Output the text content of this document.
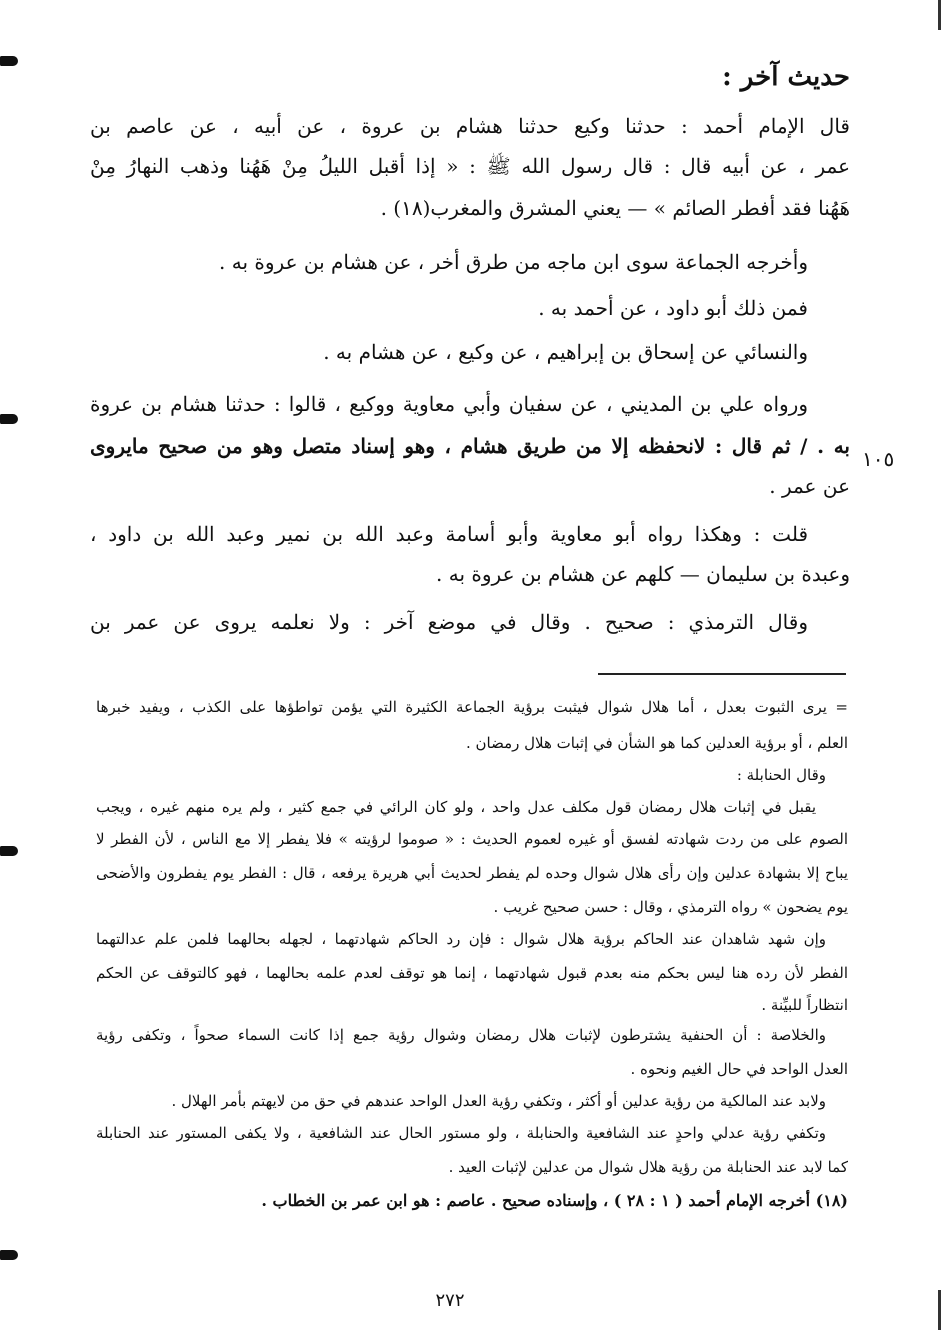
حديث آخر :
قال الإمام أحمد : حدثنا وكيع حدثنا هشام بن عروة ، عن أبيه ، عن عاصم بن
عمر ، عن أبيه قال : قال رسول الله ﷺ : « إذا أقبل الليلُ مِنْ هَهُنا وذهب النهارُ مِنْ
هَهُنا فقد أفطر الصائم » — يعني المشرق والمغرب(١٨) .
وأخرجه الجماعة سوى ابن ماجه من طرق أخر ، عن هشام بن عروة به .
فمن ذلك أبو داود ، عن أحمد به .
والنسائي عن إسحاق بن إبراهيم ، عن وكيع ، عن هشام به .
ورواه علي بن المديني ، عن سفيان وأبي معاوية ووكيع ، قالوا : حدثنا هشام بن عروة
١٠٥
به . / ثم قال : لانحفظه إلا من طريق هشام ، وهو إسناد متصل وهو من صحيح مايروى
عن عمر .
قلت : وهكذا رواه أبو معاوية وأبو أسامة وعبد الله بن نمير وعبد الله بن داود ،
وعبدة بن سليمان — كلهم عن هشام بن عروة به .
وقال الترمذي : صحيح . وقال في موضع آخر : ولا نعلمه يروى عن عمر بن
= يرى الثبوت بعدل ، أما هلال شوال فيثبت برؤية الجماعة الكثيرة التي يؤمن تواطؤها على الكذب ، ويفيد خبرها
العلم ، أو برؤية العدلين كما هو الشأن في إثبات هلال رمضان .
وقال الحنابلة :
يقبل في إثبات هلال رمضان قول مكلف عدل واحد ، ولو كان الرائي في جمع كثير ، ولم يره منهم غيره ، ويجب
الصوم على من ردت شهادته لفسق أو غيره لعموم الحديث : « صوموا لرؤيته » فلا يفطر إلا مع الناس ، لأن الفطر لا
يباح إلا بشهادة عدلين وإن رأى هلال شوال وحده لم يفطر لحديث أبي هريرة يرفعه ، قال : الفطر يوم يفطرون والأضحى
يوم يضحون » رواه الترمذي ، وقال : حسن صحيح غريب .
وإن شهد شاهدان عند الحاكم برؤية هلال شوال : فإن رد الحاكم شهادتهما ، لجهله بحالهما فلمن علم عدالتهما
الفطر لأن رده هنا ليس بحكم منه بعدم قبول شهادتهما ، إنما هو توقف لعدم علمه بحالهما ، فهو كالتوقف عن الحكم
انتظاراً للبيِّنة .
والخلاصة : أن الحنفية يشترطون لإثبات هلال رمضان وشوال رؤية جمع إذا كانت السماء صحواً ، وتكفى رؤية
العدل الواحد في حال الغيم ونحوه .
ولابد عند المالكية من رؤية عدلين أو أكثر ، وتكفي رؤية العدل الواحد عندهم في حق من لايهتم بأمر الهلال .
وتكفي رؤية عدلي واحدٍ عند الشافعية والحنابلة ، ولو مستور الحال عند الشافعية ، ولا يكفى المستور عند الحنابلة
كما لابد عند الحنابلة من رؤية هلال شوال من عدلين لإثبات العيد .
(١٨) أخرجه الإمام أحمد ( ١ : ٢٨ ) ، وإسناده صحيح . عاصم : هو ابن عمر بن الخطاب .
٢٧٢
